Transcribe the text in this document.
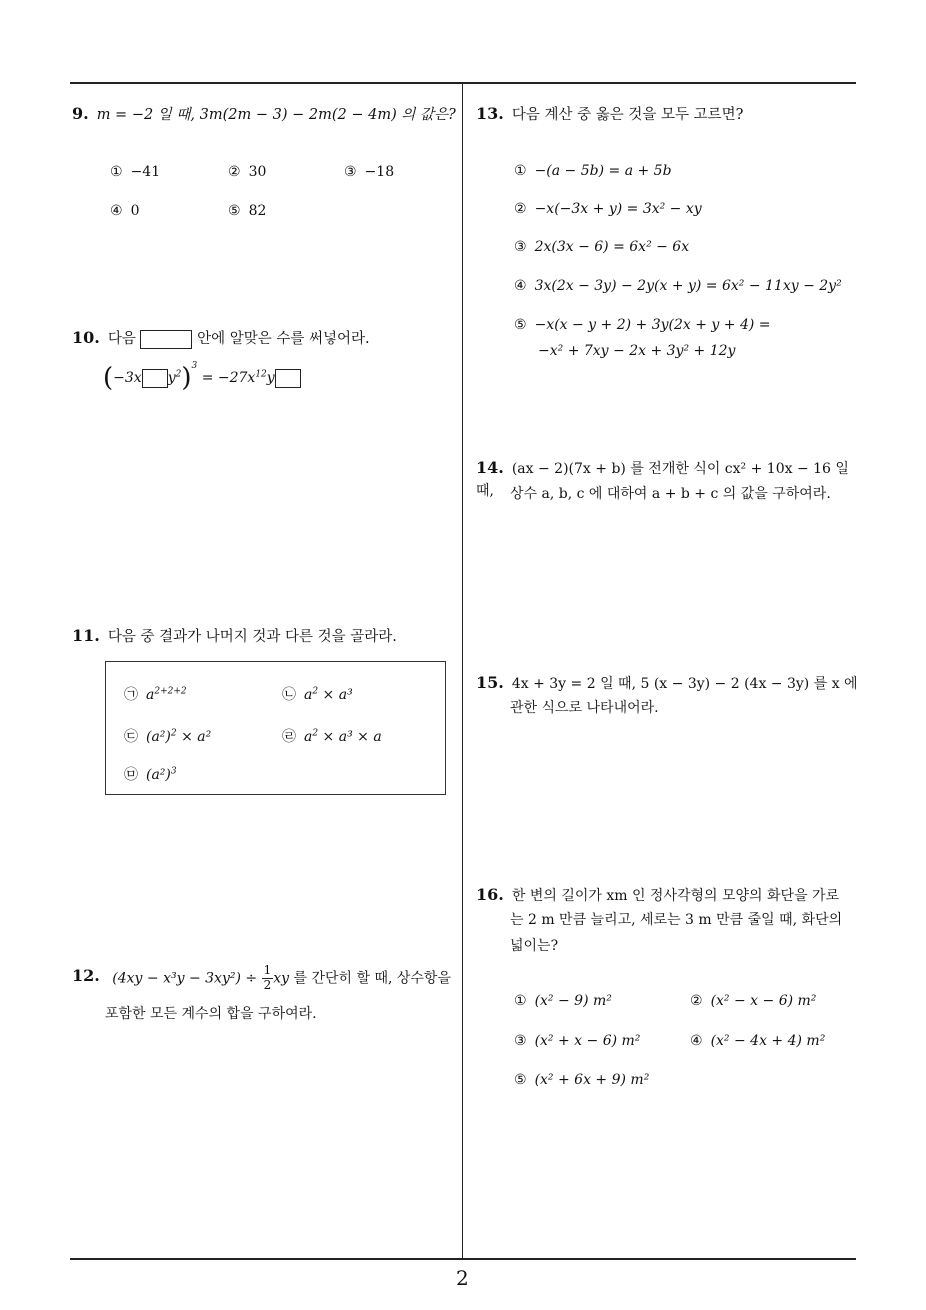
9. m = −2 일 때, 3m(2m − 3) − 2m(2 − 4m) 의 값은?
① −41	② 30	③ −18
④ 0	⑤ 82
10. 다음	안에 알맞은 수를 써넣어라.
(−3x $y^2)^3 = -27x^{12}y$
11. 다음 중 결과가 나머지 것과 다른 것을 골라라.
㉠ $a^{2+2+2}$	㉡ $a^2 \times a^3$
㉢ $(a^2)^2 \times a^2$	㉣ $a^2 \times a^3 \times a$
㉤ $(a^2)^3$
12. $(4xy - x^3y - 3xy^2) \div \frac{1}{2}$ xy 를 간단히 할 때, 상수항을
포함한 모든 계수의 합을 구하여라.
13. 다음 계산 중 옳은 것을 모두 고르면?
① −(a − 5b) = a + 5b
② −x(−3x + y) = 3x² − xy
③ 2x(3x − 6) = 6x² − 6x
④ 3x(2x − 3y) − 2y(x + y) = 6x² − 11xy − 2y²
⑤ −x(x − y + 2) + 3y(2x + y + 4) =
−x² + 7xy − 2x + 3y² + 12y
14. (ax − 2)(7x + b) 를 전개한 식이 cx² + 10x − 16 일 때,	상수 a, b, c 에 대하여 a + b + c 의 값을 구하여라.
15. 4x + 3y = 2 일 때, 5 (x − 3y) − 2 (4x − 3y) 를 x 에
관한 식으로 나타내어라.
16. 한 변의 길이가 xm 인 정사각형의 모양의 화단을 가로
는 2 m 만큼 늘리고, 세로는 3 m 만큼 줄일 때, 화단의
넓이는?
① (x² − 9) m²	② (x² − x − 6) m²
③ (x² + x − 6) m²	④ (x² − 4x + 4) m²
⑤ (x² + 6x + 9) m²
2
